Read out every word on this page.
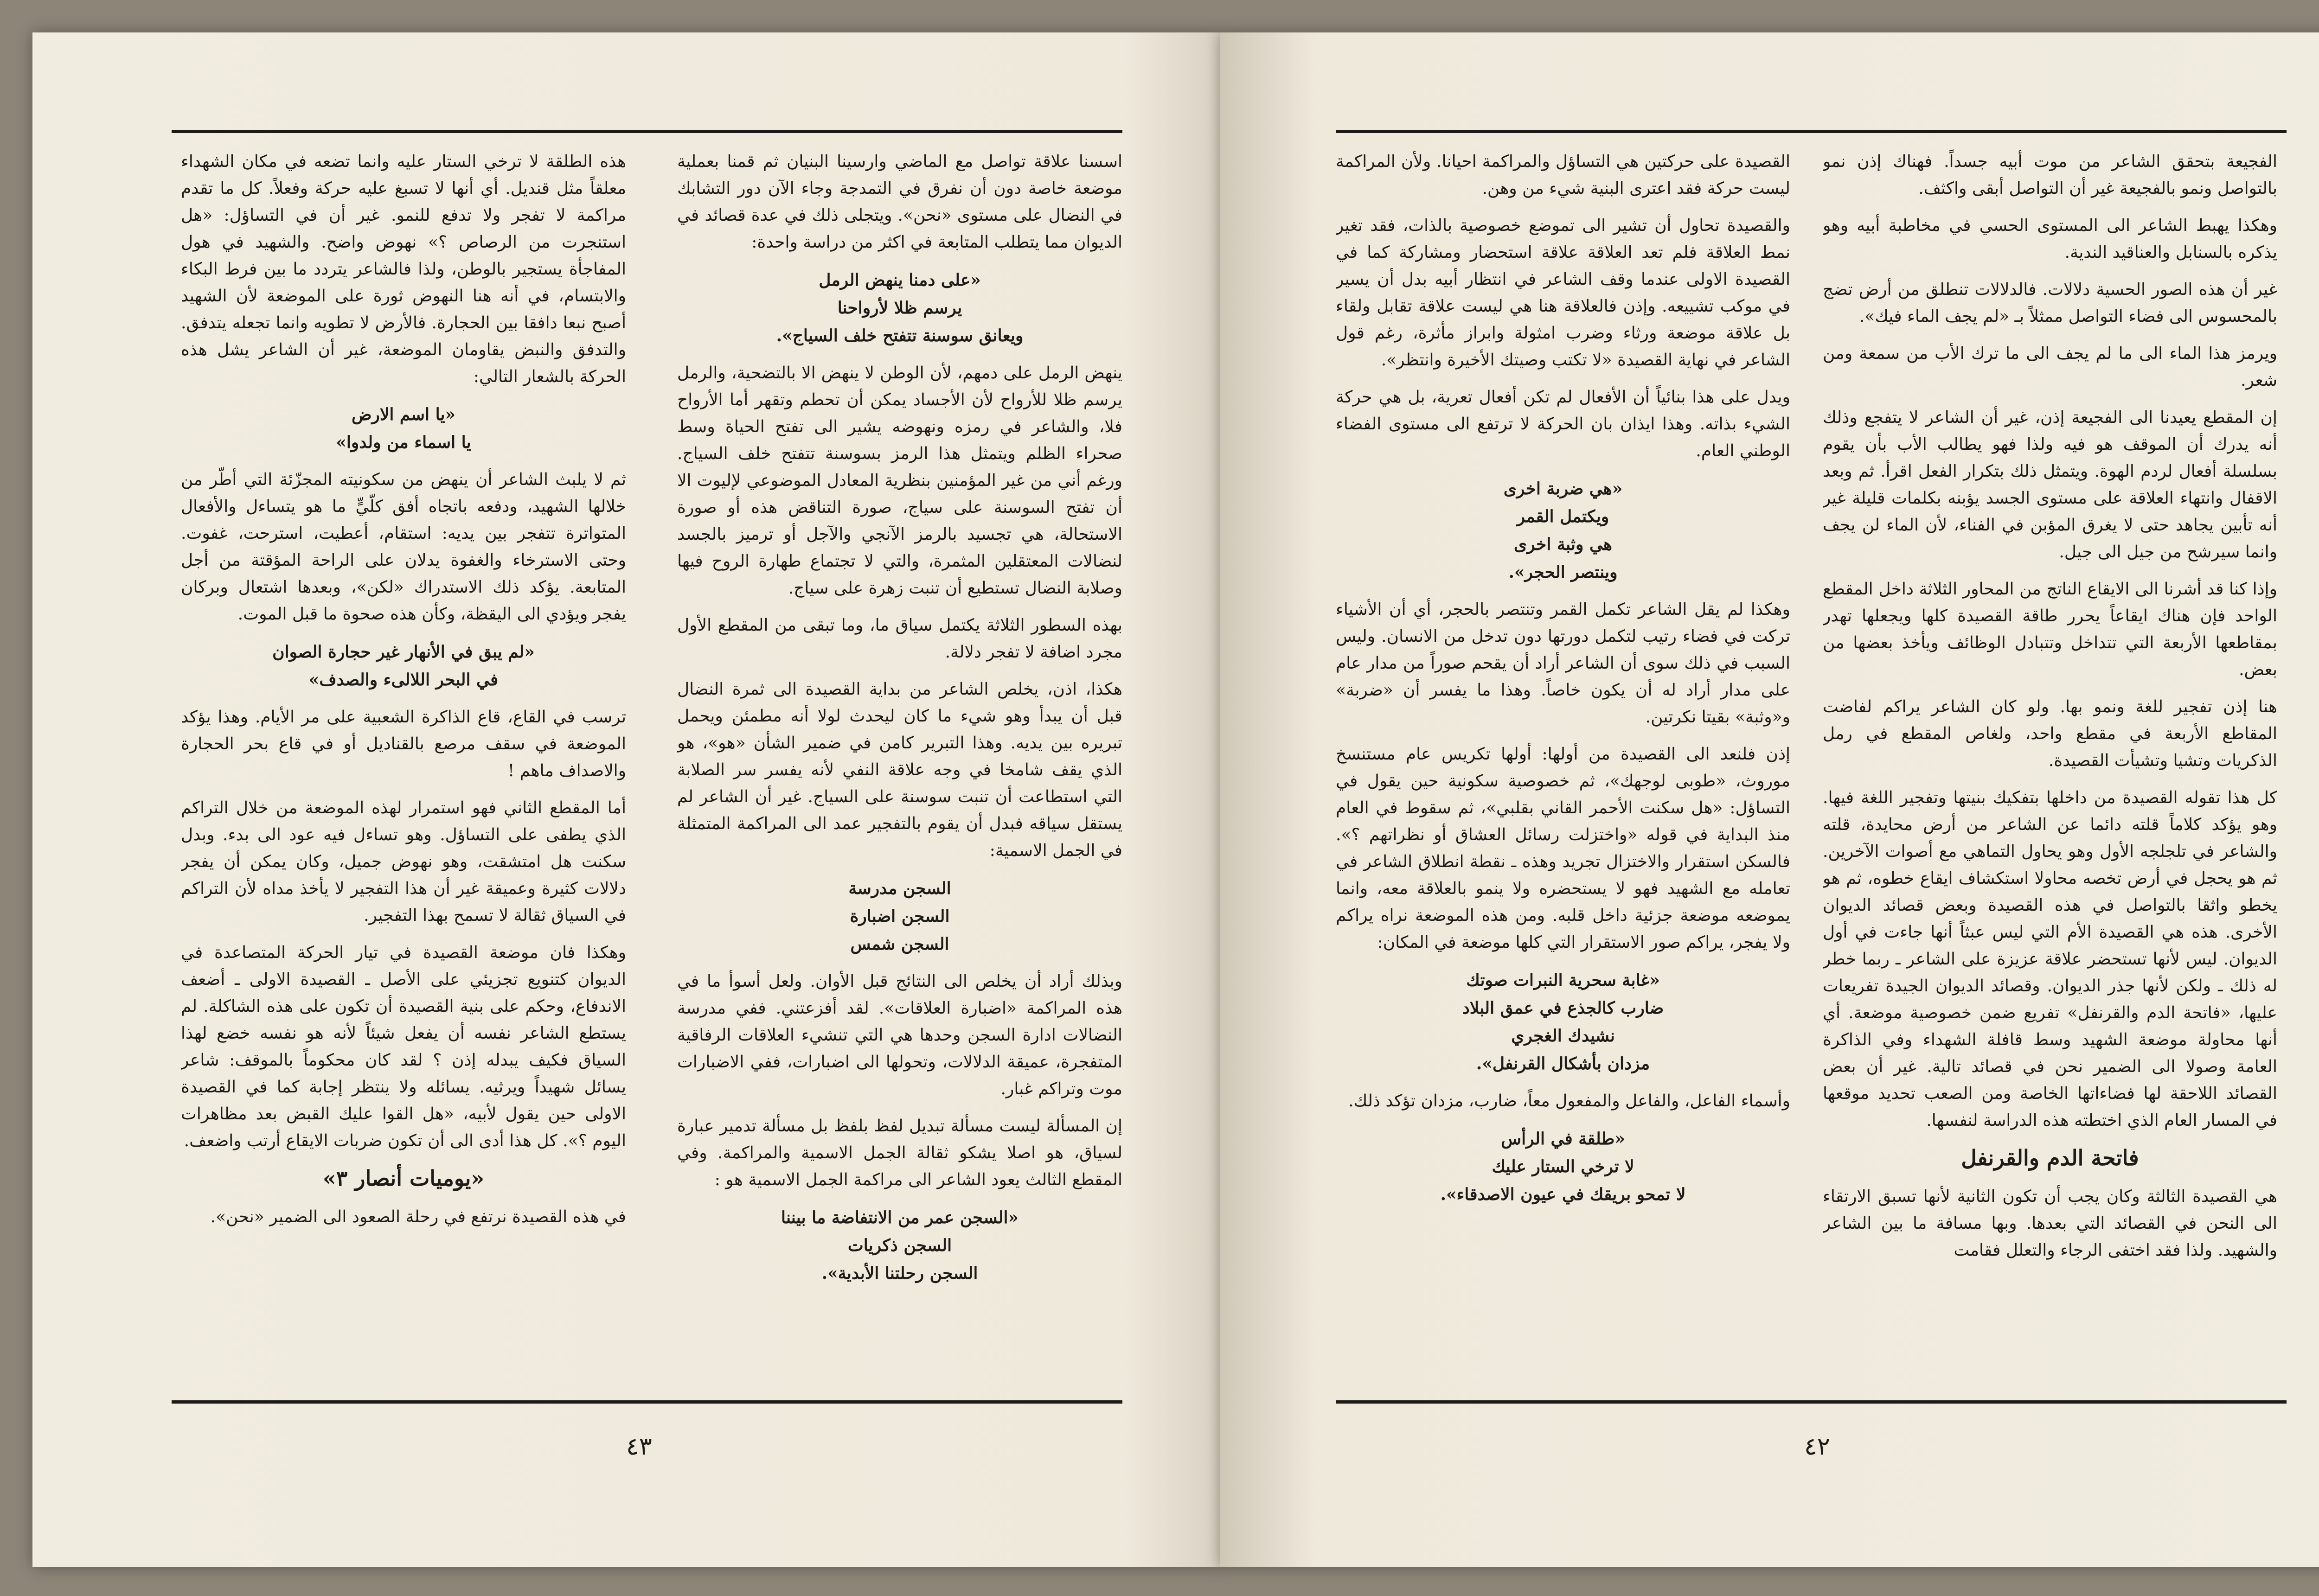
اسسنا علاقة تواصل مع الماضي وارسينا البنيان ثم قمنا بعملية موضعة خاصة دون أن نفرق في التمدجة وجاء الآن دور التشابك في النضال على مستوى «نحن». ويتجلى ذلك في عدة قصائد في الديوان مما يتطلب المتابعة في اكثر من دراسة واحدة:

«على دمنا ينهض الرمل
يرسم ظلا لأرواحنا
ويعانق سوسنة تتفتح خلف السياج».

ينهض الرمل على دمهم، لأن الوطن لا ينهض الا بالتضحية، والرمل يرسم ظلا للأرواح لأن الأجساد يمكن أن تحطم وتقهر أما الأرواح فلا، والشاعر في رمزه ونهوضه يشير الى تفتح الحياة وسط صحراء الظلم ويتمثل هذا الرمز بسوسنة تتفتح خلف السياج. ورغم أني من غير المؤمنين بنظرية المعادل الموضوعي لإليوت الا أن تفتح السوسنة على سياج، صورة التناقض هذه أو صورة الاستحالة، هي تجسيد بالرمز الآنجي والآجل أو ترميز بالجسد لنضالات المعتقلين المثمرة، والتي لا تجتماع طهارة الروح فيها وصلابة النضال تستطيع أن تنبت زهرة على سياج.

بهذه السطور الثلاثة يكتمل سياق ما، وما تبقى من المقطع الأول مجرد اضافة لا تفجر دلالة.

هكذا، اذن، يخلص الشاعر من بداية القصيدة الى ثمرة النضال قبل أن يبدأ وهو شيء ما كان ليحدث لولا أنه مطمئن ويحمل تبريره بين يديه. وهذا التبرير كامن في ضمير الشأن «هو»، هو الذي يقف شامخا في وجه علاقة النفي لأنه يفسر سر الصلابة التي استطاعت أن تنبت سوسنة على السياج. غير أن الشاعر لم يستقل سياقه فبدل أن يقوم بالتفجير عمد الى المراكمة المتمثلة في الجمل الاسمية:

السجن مدرسة
السجن اضبارة
السجن شمس

وبذلك أراد أن يخلص الى النتائج قبل الأوان. ولعل أسوأ ما في هذه المراكمة «اضبارة العلاقات». لقد أفزعتني. ففي مدرسة النضالات ادارة السجن وحدها هي التي تنشيء العلاقات الرفاقية المتفجرة، عميقة الدلالات، وتحولها الى اضبارات، ففي الاضبارات موت وتراكم غبار.

إن المسألة ليست مسألة تبديل لفظ بلفظ بل مسألة تدمير عبارة لسياق، هو اصلا يشكو ثقالة الجمل الاسمية والمراكمة. وفي المقطع الثالث يعود الشاعر الى مراكمة الجمل الاسمية هو :

«السجن عمر من الانتفاضة ما بيننا
السجن ذكريات
السجن رحلتنا الأبدية».

هذه الطلقة لا ترخي الستار عليه وانما تضعه في مكان الشهداء معلقاً مثل قنديل. أي أنها لا تسبغ عليه حركة وفعلاً. كل ما تقدم مراكمة لا تفجر ولا تدفع للنمو. غير أن في التساؤل: «هل استنجرت من الرصاص ؟» نهوض واضح. والشهيد في هول المفاجأة يستجير بالوطن، ولذا فالشاعر يتردد ما بين فرط البكاء والابتسام، في أنه هنا النهوض ثورة على الموضعة لأن الشهيد أصبح نبعا دافقا بين الحجارة. فالأرض لا تطويه وانما تجعله يتدفق. والتدفق والنبض يقاومان الموضعة، غير أن الشاعر يشل هذه الحركة بالشعار التالي:

«يا اسم الارض
يا اسماء من ولدوا»

ثم لا يلبث الشاعر أن ينهض من سكونيته المجزّئة التي أطّر من خلالها الشهيد، ودفعه باتجاه أفق كلّيٍّ ما هو يتساءل والأفعال المتواترة تتفجر بين يديه: استقام، أعطيت، استرحت، غفوت. وحتى الاسترخاء والغفوة يدلان على الراحة المؤقتة من أجل المتابعة. يؤكد ذلك الاستدراك «لكن»، وبعدها اشتعال وبركان يفجر ويؤدي الى اليقظة، وكأن هذه صحوة ما قبل الموت.

«لم يبق في الأنهار غير حجارة الصوان
في البحر اللالىء والصدف»

ترسب في القاع، قاع الذاكرة الشعبية على مر الأيام. وهذا يؤكد الموضعة في سقف مرصع بالقناديل أو في قاع بحر الحجارة والاصداف ماهم !

أما المقطع الثاني فهو استمرار لهذه الموضعة من خلال التراكم الذي يطفى على التساؤل. وهو تساءل فيه عود الى بدء. وبدل سكنت هل امتشقت، وهو نهوض جميل، وكان يمكن أن يفجر دلالات كثيرة وعميقة غير أن هذا التفجير لا يأخذ مداه لأن التراكم في السياق ثقالة لا تسمح بهذا التفجير.

وهكذا فان موضعة القصيدة في تيار الحركة المتصاعدة في الديوان كتنويع تجزيئي على الأصل ـ القصيدة الاولى ـ أضعف الاندفاع، وحكم على بنية القصيدة أن تكون على هذه الشاكلة. لم يستطع الشاعر نفسه أن يفعل شيئاً لأنه هو نفسه خضع لهذا السياق فكيف يبدله إذن ؟ لقد كان محكوماً بالموقف: شاعر يسائل شهيداً ويرثيه. يسائله ولا ينتظر إجابة كما في القصيدة الاولى حين يقول لأبيه، «هل القوا عليك القبض بعد مظاهرات اليوم ؟». كل هذا أدى الى أن تكون ضربات الايقاع أرتب واضعف.

«يوميات أنصار ٣»

في هذه القصيدة نرتفع في رحلة الصعود الى الضمير «نحن».

٤٣

الفجيعة بتحقق الشاعر من موت أبيه جسداً. فهناك إذن نمو بالتواصل ونمو بالفجيعة غير أن التواصل أبقى واكثف.

وهكذا يهبط الشاعر الى المستوى الحسي في مخاطبة أبيه وهو يذكره بالسنابل والعناقيد الندية.

غير أن هذه الصور الحسية دلالات. فالدلالات تنطلق من أرض تضج بالمحسوس الى فضاء التواصل ممثلاً بـ «لم يجف الماء فيك».

ويرمز هذا الماء الى ما لم يجف الى ما ترك الأب من سمعة ومن شعر.

إن المقطع يعيدنا الى الفجيعة إذن، غير أن الشاعر لا يتفجع وذلك أنه يدرك أن الموقف هو فيه ولذا فهو يطالب الأب بأن يقوم بسلسلة أفعال لردم الهوة. ويتمثل ذلك بتكرار الفعل اقرأ. ثم وبعد الاقفال وانتهاء العلاقة على مستوى الجسد يؤبنه بكلمات قليلة غير أنه تأبين يجاهد حتى لا يغرق المؤبن في الفناء، لأن الماء لن يجف وانما سيرشح من جيل الى جيل.

وإذا كنا قد أشرنا الى الايقاع الناتج من المحاور الثلاثة داخل المقطع الواحد فإن هناك ايقاعاً يحرر طاقة القصيدة كلها ويجعلها تهدر بمقاطعها الأربعة التي تتداخل وتتبادل الوظائف ويأخذ بعضها من بعض.

هنا إذن تفجير للغة ونمو بها. ولو كان الشاعر يراكم لفاضت المقاطع الأربعة في مقطع واحد، ولغاص المقطع في رمل الذكريات وتشيا وتشيأت القصيدة.

كل هذا تقوله القصيدة من داخلها بتفكيك بنيتها وتفجير اللغة فيها. وهو يؤكد كلاماً قلته دائما عن الشاعر من أرض محايدة، قلته والشاعر في تلجلجه الأول وهو يحاول التماهي مع أصوات الآخرين. ثم هو يحجل في أرض تخصه محاولا استكشاف ايقاع خطوه، ثم هو يخطو واثقا بالتواصل في هذه القصيدة وبعض قصائد الديوان الأخرى. هذه هي القصيدة الأم التي ليس عبثاً أنها جاءت في أول الديوان. ليس لأنها تستحضر علاقة عزيزة على الشاعر ـ ربما خطر له ذلك ـ ولكن لأنها جذر الديوان. وقصائد الديوان الجيدة تفريعات عليها، «فاتحة الدم والقرنفل» تفريع ضمن خصوصية موضعة. أي أنها محاولة موضعة الشهيد وسط قافلة الشهداء وفي الذاكرة العامة وصولا الى الضمير نحن في قصائد تالية. غير أن بعض القصائد اللاحقة لها فضاءاتها الخاصة ومن الصعب تحديد موقعها في المسار العام الذي اختطته هذه الدراسة لنفسها.

فاتحة الدم والقرنفل

هي القصيدة الثالثة وكان يجب أن تكون الثانية لأنها تسبق الارتقاء الى النحن في القصائد التي بعدها. وبها مسافة ما بين الشاعر والشهيد. ولذا فقد اختفى الرجاء والتعلل فقامت

القصيدة على حركتين هي التساؤل والمراكمة احيانا. ولأن المراكمة ليست حركة فقد اعترى البنية شيء من وهن.

والقصيدة تحاول أن تشير الى تموضع خصوصية بالذات، فقد تغير نمط العلاقة فلم تعد العلاقة علاقة استحضار ومشاركة كما في القصيدة الاولى عندما وقف الشاعر في انتظار أبيه بدل أن يسير في موكب تشييعه. وإذن فالعلاقة هنا هي ليست علاقة تقابل ولقاء بل علاقة موضعة ورثاء وضرب امثولة وابراز مأثرة، رغم قول الشاعر في نهاية القصيدة «لا تكتب وصيتك الأخيرة وانتظر».

ويدل على هذا بنائياً أن الأفعال لم تكن أفعال تعرية، بل هي حركة الشيء بذاته. وهذا ايذان بان الحركة لا ترتفع الى مستوى الفضاء الوطني العام.

«هي ضربة اخرى
ويكتمل القمر
هي وثبة اخرى
وينتصر الحجر».

وهكذا لم يقل الشاعر تكمل القمر وتنتصر بالحجر، أي أن الأشياء تركت في فضاء رتيب لتكمل دورتها دون تدخل من الانسان. وليس السبب في ذلك سوى أن الشاعر أراد أن يقحم صوراً من مدار عام على مدار أراد له أن يكون خاصاً. وهذا ما يفسر أن «ضربة» و«وثبة» بقيتا نكرتين.

إذن فلنعد الى القصيدة من أولها: أولها تكريس عام مستنسخ موروث، «طوبى لوجهك»، ثم خصوصية سكونية حين يقول في التساؤل: «هل سكنت الأحمر القاني بقلبي»، ثم سقوط في العام منذ البداية في قوله «واختزلت رسائل العشاق أو نظراتهم ؟». فالسكن استقرار والاختزال تجريد وهذه ـ نقطة انطلاق الشاعر في تعامله مع الشهيد فهو لا يستحضره ولا ينمو بالعلاقة معه، وانما يموضعه موضعة جزئية داخل قلبه. ومن هذه الموضعة نراه يراكم ولا يفجر، يراكم صور الاستقرار التي كلها موضعة في المكان:

«غابة سحرية النبرات صوتك
ضارب كالجذع في عمق البلاد
نشيدك الغجري
مزدان بأشكال القرنفل».

وأسماء الفاعل، والفاعل والمفعول معاً، ضارب، مزدان تؤكد ذلك.

«طلقة في الرأس
لا ترخي الستار عليك
لا تمحو بريقك في عيون الاصدقاء».
٤٢
